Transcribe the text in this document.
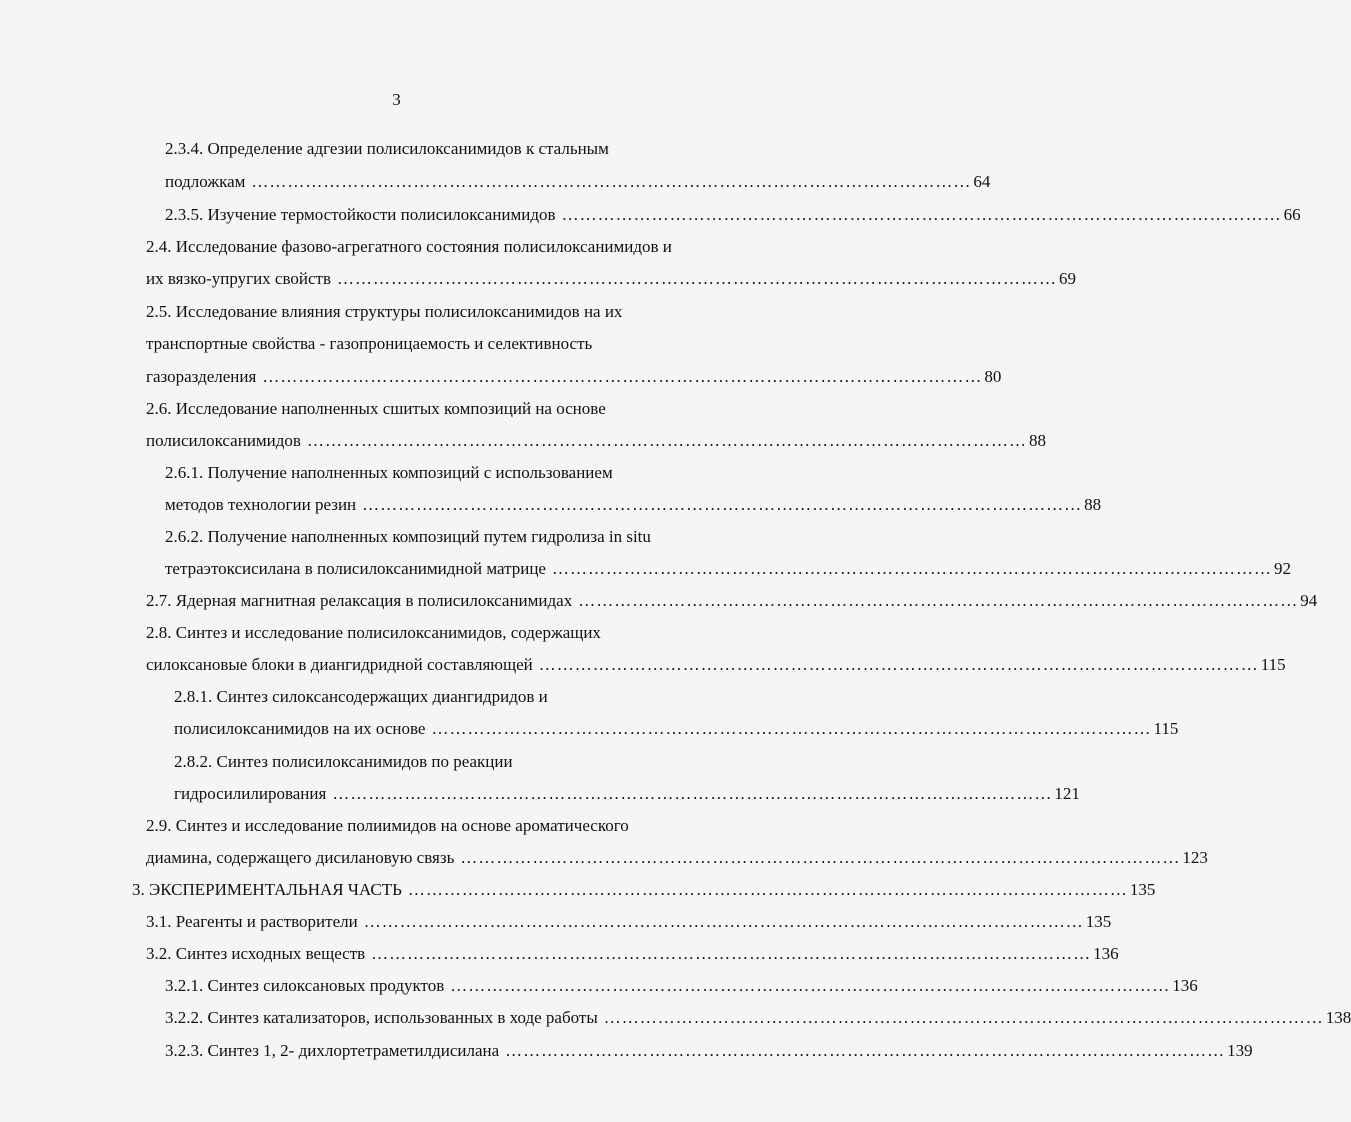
3
2.3.4. Определение адгезии полисилоксанимидов к стальным
подложкам ………………………………………………………………………………………………………… 64
2.3.5. Изучение термостойкости полисилоксанимидов ………………………………………………………………………………………………………… 66
2.4. Исследование фазово-агрегатного состояния полисилоксанимидов и
их вязко-упругих свойств ………………………………………………………………………………………………………… 69
2.5. Исследование влияния структуры полисилоксанимидов на их
транспортные свойства - газопроницаемость и селективность
газоразделения ………………………………………………………………………………………………………… 80
2.6. Исследование наполненных сшитых композиций на основе
полисилоксанимидов ………………………………………………………………………………………………………… 88
2.6.1. Получение наполненных композиций с использованием
методов технологии резин ………………………………………………………………………………………………………… 88
2.6.2. Получение наполненных композиций путем гидролиза in situ
тетраэтоксисилана в полисилоксанимидной матрице ………………………………………………………………………………………………………… 92
2.7. Ядерная магнитная релаксация в полисилоксанимидах ………………………………………………………………………………………………………… 94
2.8. Синтез и исследование полисилоксанимидов, содержащих
силоксановые блоки в диангидридной составляющей ………………………………………………………………………………………………………… 115
2.8.1. Синтез силоксансодержащих диангидридов и
полисилоксанимидов на их основе ………………………………………………………………………………………………………… 115
2.8.2. Синтез полисилоксанимидов по реакции
гидросилилирования ………………………………………………………………………………………………………… 121
2.9. Синтез и исследование полиимидов на основе ароматического
диамина, содержащего дисилановую связь ………………………………………………………………………………………………………… 123
3. ЭКСПЕРИМЕНТАЛЬНАЯ ЧАСТЬ ………………………………………………………………………………………………………… 135
3.1. Реагенты и растворители ………………………………………………………………………………………………………… 135
3.2. Синтез исходных веществ ………………………………………………………………………………………………………… 136
3.2.1. Синтез силоксановых продуктов ………………………………………………………………………………………………………… 136
3.2.2. Синтез катализаторов, использованных в ходе работы ………………………………………………………………………………………………………… 138
3.2.3. Синтез 1, 2- дихлортетраметилдисилана ………………………………………………………………………………………………………… 139
